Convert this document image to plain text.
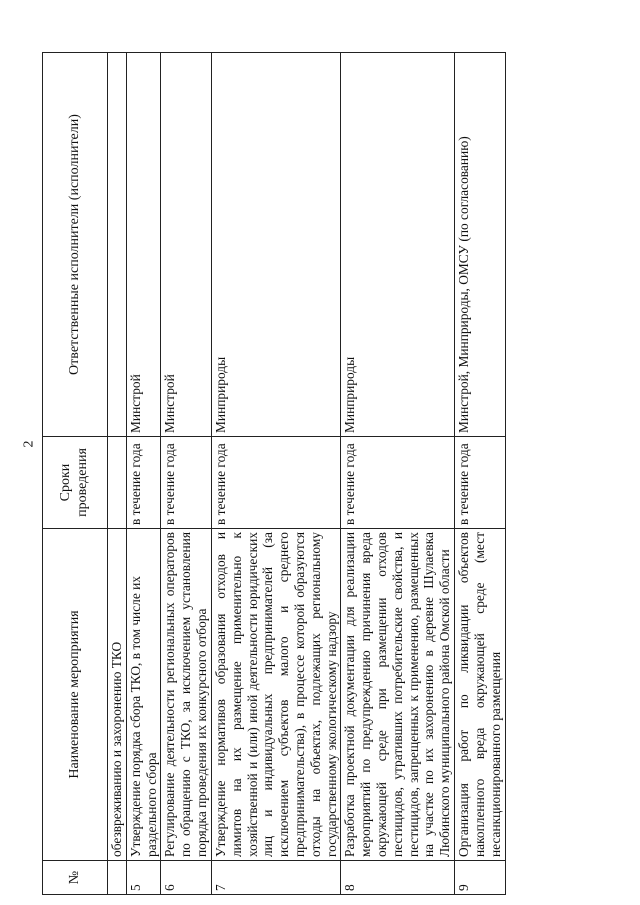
2
№	Наименование мероприятия	Сроки проведения	Ответственные исполнители (исполнители)
	обезвреживанию и захоронению ТКО		
5	Утверждение порядка сбора ТКО, в том числе их раздельного сбора	в течение года	Минстрой
6	Регулирование деятельности региональных операторов по обращению с ТКО, за исключением установления порядка проведения их конкурсного отбора	в течение года	Минстрой
7	Утверждение нормативов образования отходов и лимитов на их размещение применительно к хозяйственной и (или) иной деятельности юридических лиц и индивидуальных предпринимателей (за исключением субъектов малого и среднего предпринимательства), в процессе которой образуются отходы на объектах, подлежащих региональному государственному экологическому надзору	в течение года	Минприроды
8	Разработка проектной документации для реализации мероприятий по предупреждению причинения вреда окружающей среде при размещении отходов пестицидов, утративших потребительские свойства, и пестицидов, запрещенных к применению, размещенных на участке по их захоронению в деревне Шулаевка Любинского муниципального района Омской области	в течение года	Минприроды
9	Организация работ по ликвидации объектов накопленного вреда окружающей среде (мест несанкционированного размещения	в течение года	Минстрой, Минприроды, ОМСУ (по согласованию)
